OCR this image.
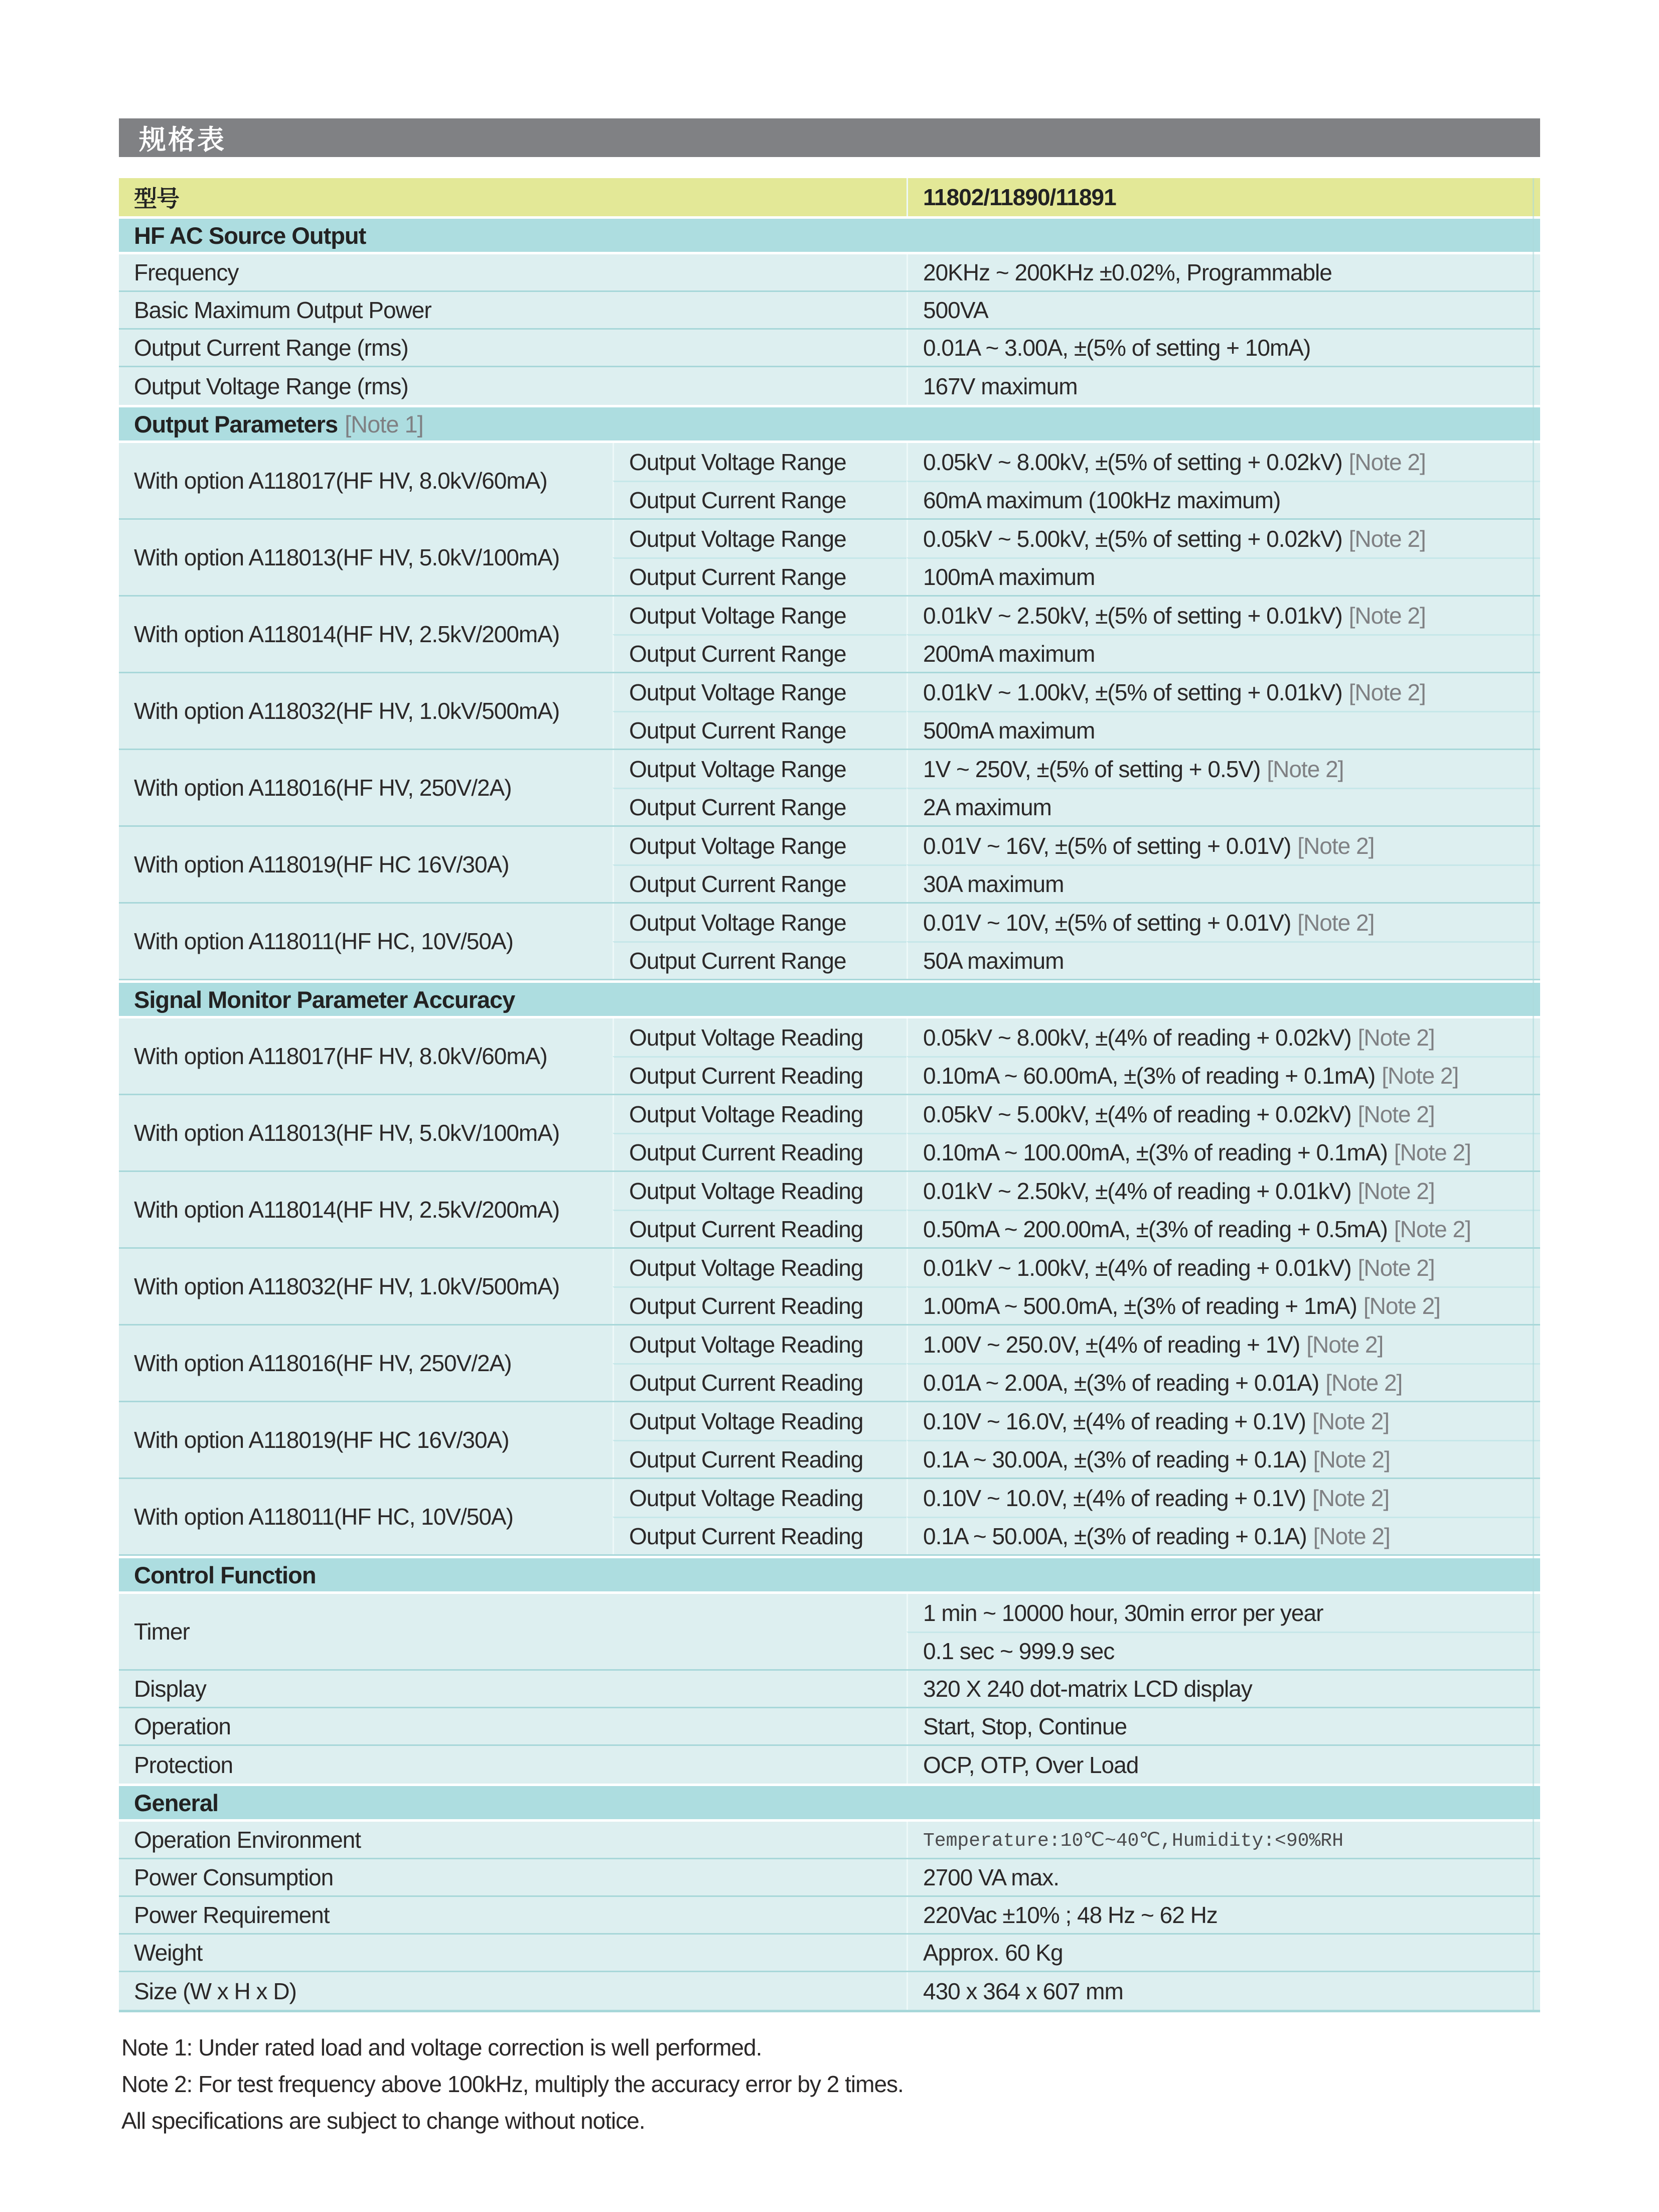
规格表
型号	11802/11890/11891
HF AC Source Output
Frequency	20KHz ~ 200KHz ±0.02%, Programmable
Basic Maximum Output Power	500VA
Output Current Range (rms)	0.01A ~ 3.00A, ±(5% of setting + 10mA)
Output Voltage Range (rms)	167V maximum
Output Parameters [Note 1]
With option A118017(HF HV, 8.0kV/60mA)
Output Voltage Range	0.05kV ~ 8.00kV, ±(5% of setting + 0.02kV) [Note 2]
Output Current Range	60mA maximum (100kHz maximum)
With option A118013(HF HV, 5.0kV/100mA)
Output Voltage Range	0.05kV ~ 5.00kV, ±(5% of setting + 0.02kV) [Note 2]
Output Current Range	100mA maximum
With option A118014(HF HV, 2.5kV/200mA)
Output Voltage Range	0.01kV ~ 2.50kV, ±(5% of setting + 0.01kV) [Note 2]
Output Current Range	200mA maximum
With option A118032(HF HV, 1.0kV/500mA)
Output Voltage Range	0.01kV ~ 1.00kV, ±(5% of setting + 0.01kV) [Note 2]
Output Current Range	500mA maximum
With option A118016(HF HV, 250V/2A)
Output Voltage Range	1V ~ 250V, ±(5% of setting + 0.5V) [Note 2]
Output Current Range	2A maximum
With option A118019(HF HC 16V/30A)
Output Voltage Range	0.01V ~ 16V, ±(5% of setting + 0.01V) [Note 2]
Output Current Range	30A maximum
With option A118011(HF HC, 10V/50A)
Output Voltage Range	0.01V ~ 10V, ±(5% of setting + 0.01V) [Note 2]
Output Current Range	50A maximum
Signal Monitor Parameter Accuracy
With option A118017(HF HV, 8.0kV/60mA)
Output Voltage Reading	0.05kV ~ 8.00kV, ±(4% of reading + 0.02kV) [Note 2]
Output Current Reading	0.10mA ~ 60.00mA, ±(3% of reading + 0.1mA) [Note 2]
With option A118013(HF HV, 5.0kV/100mA)
Output Voltage Reading	0.05kV ~ 5.00kV, ±(4% of reading + 0.02kV) [Note 2]
Output Current Reading	0.10mA ~ 100.00mA, ±(3% of reading + 0.1mA) [Note 2]
With option A118014(HF HV, 2.5kV/200mA)
Output Voltage Reading	0.01kV ~ 2.50kV, ±(4% of reading + 0.01kV) [Note 2]
Output Current Reading	0.50mA ~ 200.00mA, ±(3% of reading + 0.5mA) [Note 2]
With option A118032(HF HV, 1.0kV/500mA)
Output Voltage Reading	0.01kV ~ 1.00kV, ±(4% of reading + 0.01kV) [Note 2]
Output Current Reading	1.00mA ~ 500.0mA, ±(3% of reading + 1mA) [Note 2]
With option A118016(HF HV, 250V/2A)
Output Voltage Reading	1.00V ~ 250.0V, ±(4% of reading + 1V) [Note 2]
Output Current Reading	0.01A ~ 2.00A, ±(3% of reading + 0.01A) [Note 2]
With option A118019(HF HC 16V/30A)
Output Voltage Reading	0.10V ~ 16.0V, ±(4% of reading + 0.1V) [Note 2]
Output Current Reading	0.1A ~ 30.00A, ±(3% of reading + 0.1A) [Note 2]
With option A118011(HF HC, 10V/50A)
Output Voltage Reading	0.10V ~ 10.0V, ±(4% of reading + 0.1V) [Note 2]
Output Current Reading	0.1A ~ 50.00A, ±(3% of reading + 0.1A) [Note 2]
Control Function
Timer
1 min ~ 10000 hour, 30min error per year
0.1 sec ~ 999.9 sec
Display	320 X 240 dot-matrix LCD display
Operation	Start, Stop, Continue
Protection	OCP, OTP, Over Load
General
Operation Environment	Temperature:10℃~40℃,Humidity:<90%RH
Power Consumption	2700 VA max.
Power Requirement	220Vac ±10% ; 48 Hz ~ 62 Hz
Weight	Approx. 60 Kg
Size (W x H x D)	430 x 364 x 607 mm
Note 1: Under rated load and voltage correction is well performed.
Note 2: For test frequency above 100kHz, multiply the accuracy error by 2 times.
All specifications are subject to change without notice.
